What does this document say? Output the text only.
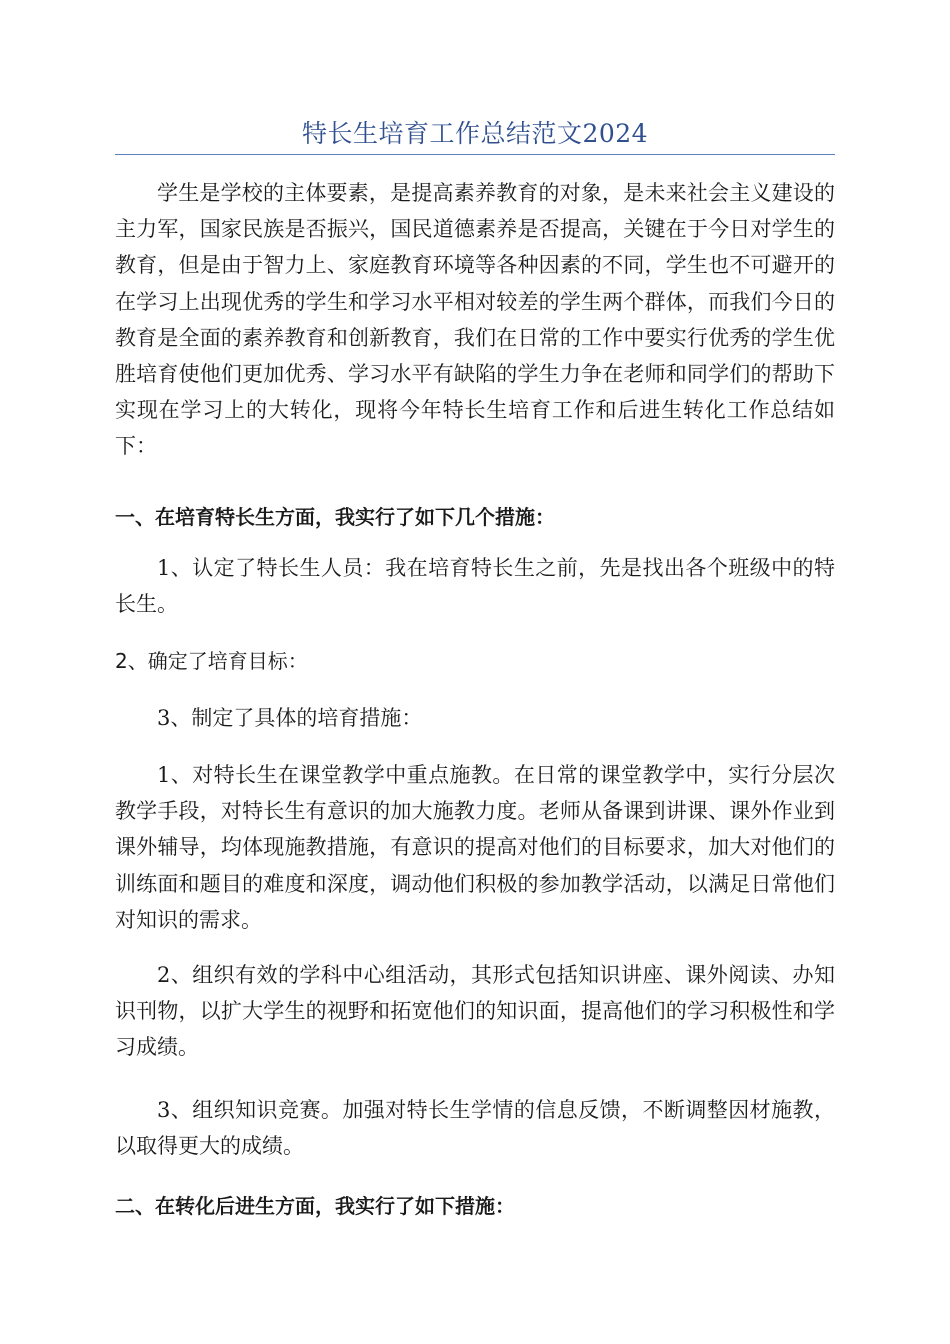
特长生培育工作总结范文2024

学生是学校的主体要素，是提高素养教育的对象，是未来社会主义建设的主力军，国家民族是否振兴，国民道德素养是否提高，关键在于今日对学生的教育，但是由于智力上、家庭教育环境等各种因素的不同，学生也不可避开的在学习上出现优秀的学生和学习水平相对较差的学生两个群体，而我们今日的教育是全面的素养教育和创新教育，我们在日常的工作中要实行优秀的学生优胜培育使他们更加优秀、学习水平有缺陷的学生力争在老师和同学们的帮助下实现在学习上的大转化，现将今年特长生培育工作和后进生转化工作总结如下：

一、在培育特长生方面，我实行了如下几个措施：

1、认定了特长生人员：我在培育特长生之前，先是找出各个班级中的特长生。

2、确定了培育目标：

3、制定了具体的培育措施：

1、对特长生在课堂教学中重点施教。在日常的课堂教学中，实行分层次教学手段，对特长生有意识的加大施教力度。老师从备课到讲课、课外作业到课外辅导，均体现施教措施，有意识的提高对他们的目标要求，加大对他们的训练面和题目的难度和深度，调动他们积极的参加教学活动，以满足日常他们对知识的需求。

2、组织有效的学科中心组活动，其形式包括知识讲座、课外阅读、办知识刊物，以扩大学生的视野和拓宽他们的知识面，提高他们的学习积极性和学习成绩。

3、组织知识竞赛。加强对特长生学情的信息反馈，不断调整因材施教，以取得更大的成绩。

二、在转化后进生方面，我实行了如下措施：
